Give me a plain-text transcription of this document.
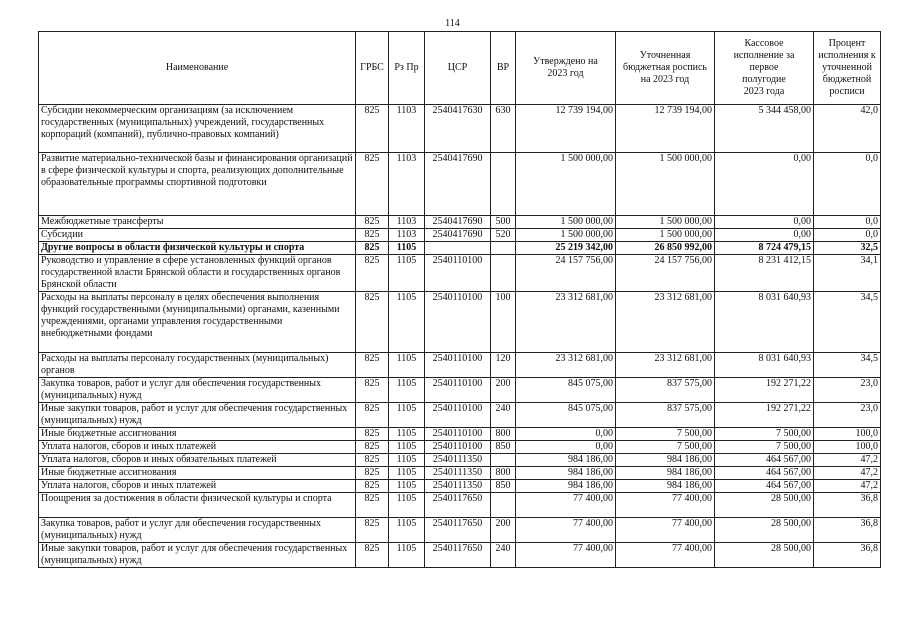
114
Наименование	ГРБС	Рз Пр	ЦСР	ВР	Утверждено на 2023 год	Уточненная бюджетная роспись на 2023 год	Кассовое исполнение за первое полугодие 2023 года	Процент исполнения к уточненной бюджетной росписи
Субсидии некоммерческим организациям (за исключением государственных (муниципальных) учреждений, государственных корпораций (компаний), публично-правовых компаний)	825	1103	2540417630	630	12 739 194,00	12 739 194,00	5 344 458,00	42,0
Развитие материально-технической базы и финансирования организаций в сфере физической культуры и спорта, реализующих дополнительные образовательные программы спортивной подготовки	825	1103	2540417690		1 500 000,00	1 500 000,00	0,00	0,0
Межбюджетные трансферты	825	1103	2540417690	500	1 500 000,00	1 500 000,00	0,00	0,0
Субсидии	825	1103	2540417690	520	1 500 000,00	1 500 000,00	0,00	0,0
Другие вопросы в области физической культуры и спорта	825	1105			25 219 342,00	26 850 992,00	8 724 479,15	32,5
Руководство и управление в сфере установленных функций органов государственной власти Брянской области и государственных органов Брянской области	825	1105	2540110100		24 157 756,00	24 157 756,00	8 231 412,15	34,1
Расходы на выплаты персоналу в целях обеспечения выполнения функций государственными (муниципальными) органами, казенными учреждениями, органами управления государственными внебюджетными фондами	825	1105	2540110100	100	23 312 681,00	23 312 681,00	8 031 640,93	34,5
Расходы на выплаты персоналу государственных (муниципальных) органов	825	1105	2540110100	120	23 312 681,00	23 312 681,00	8 031 640,93	34,5
Закупка товаров, работ и услуг для обеспечения государственных (муниципальных) нужд	825	1105	2540110100	200	845 075,00	837 575,00	192 271,22	23,0
Иные закупки товаров, работ и услуг для обеспечения государственных (муниципальных) нужд	825	1105	2540110100	240	845 075,00	837 575,00	192 271,22	23,0
Иные бюджетные ассигнования	825	1105	2540110100	800	0,00	7 500,00	7 500,00	100,0
Уплата налогов, сборов и иных платежей	825	1105	2540110100	850	0,00	7 500,00	7 500,00	100,0
Уплата налогов, сборов и иных обязательных платежей	825	1105	2540111350		984 186,00	984 186,00	464 567,00	47,2
Иные бюджетные ассигнования	825	1105	2540111350	800	984 186,00	984 186,00	464 567,00	47,2
Уплата налогов, сборов и иных платежей	825	1105	2540111350	850	984 186,00	984 186,00	464 567,00	47,2
Поощрения за достижения в области физической культуры и спорта	825	1105	2540117650		77 400,00	77 400,00	28 500,00	36,8
Закупка товаров, работ и услуг для обеспечения государственных (муниципальных) нужд	825	1105	2540117650	200	77 400,00	77 400,00	28 500,00	36,8
Иные закупки товаров, работ и услуг для обеспечения государственных (муниципальных) нужд	825	1105	2540117650	240	77 400,00	77 400,00	28 500,00	36,8
